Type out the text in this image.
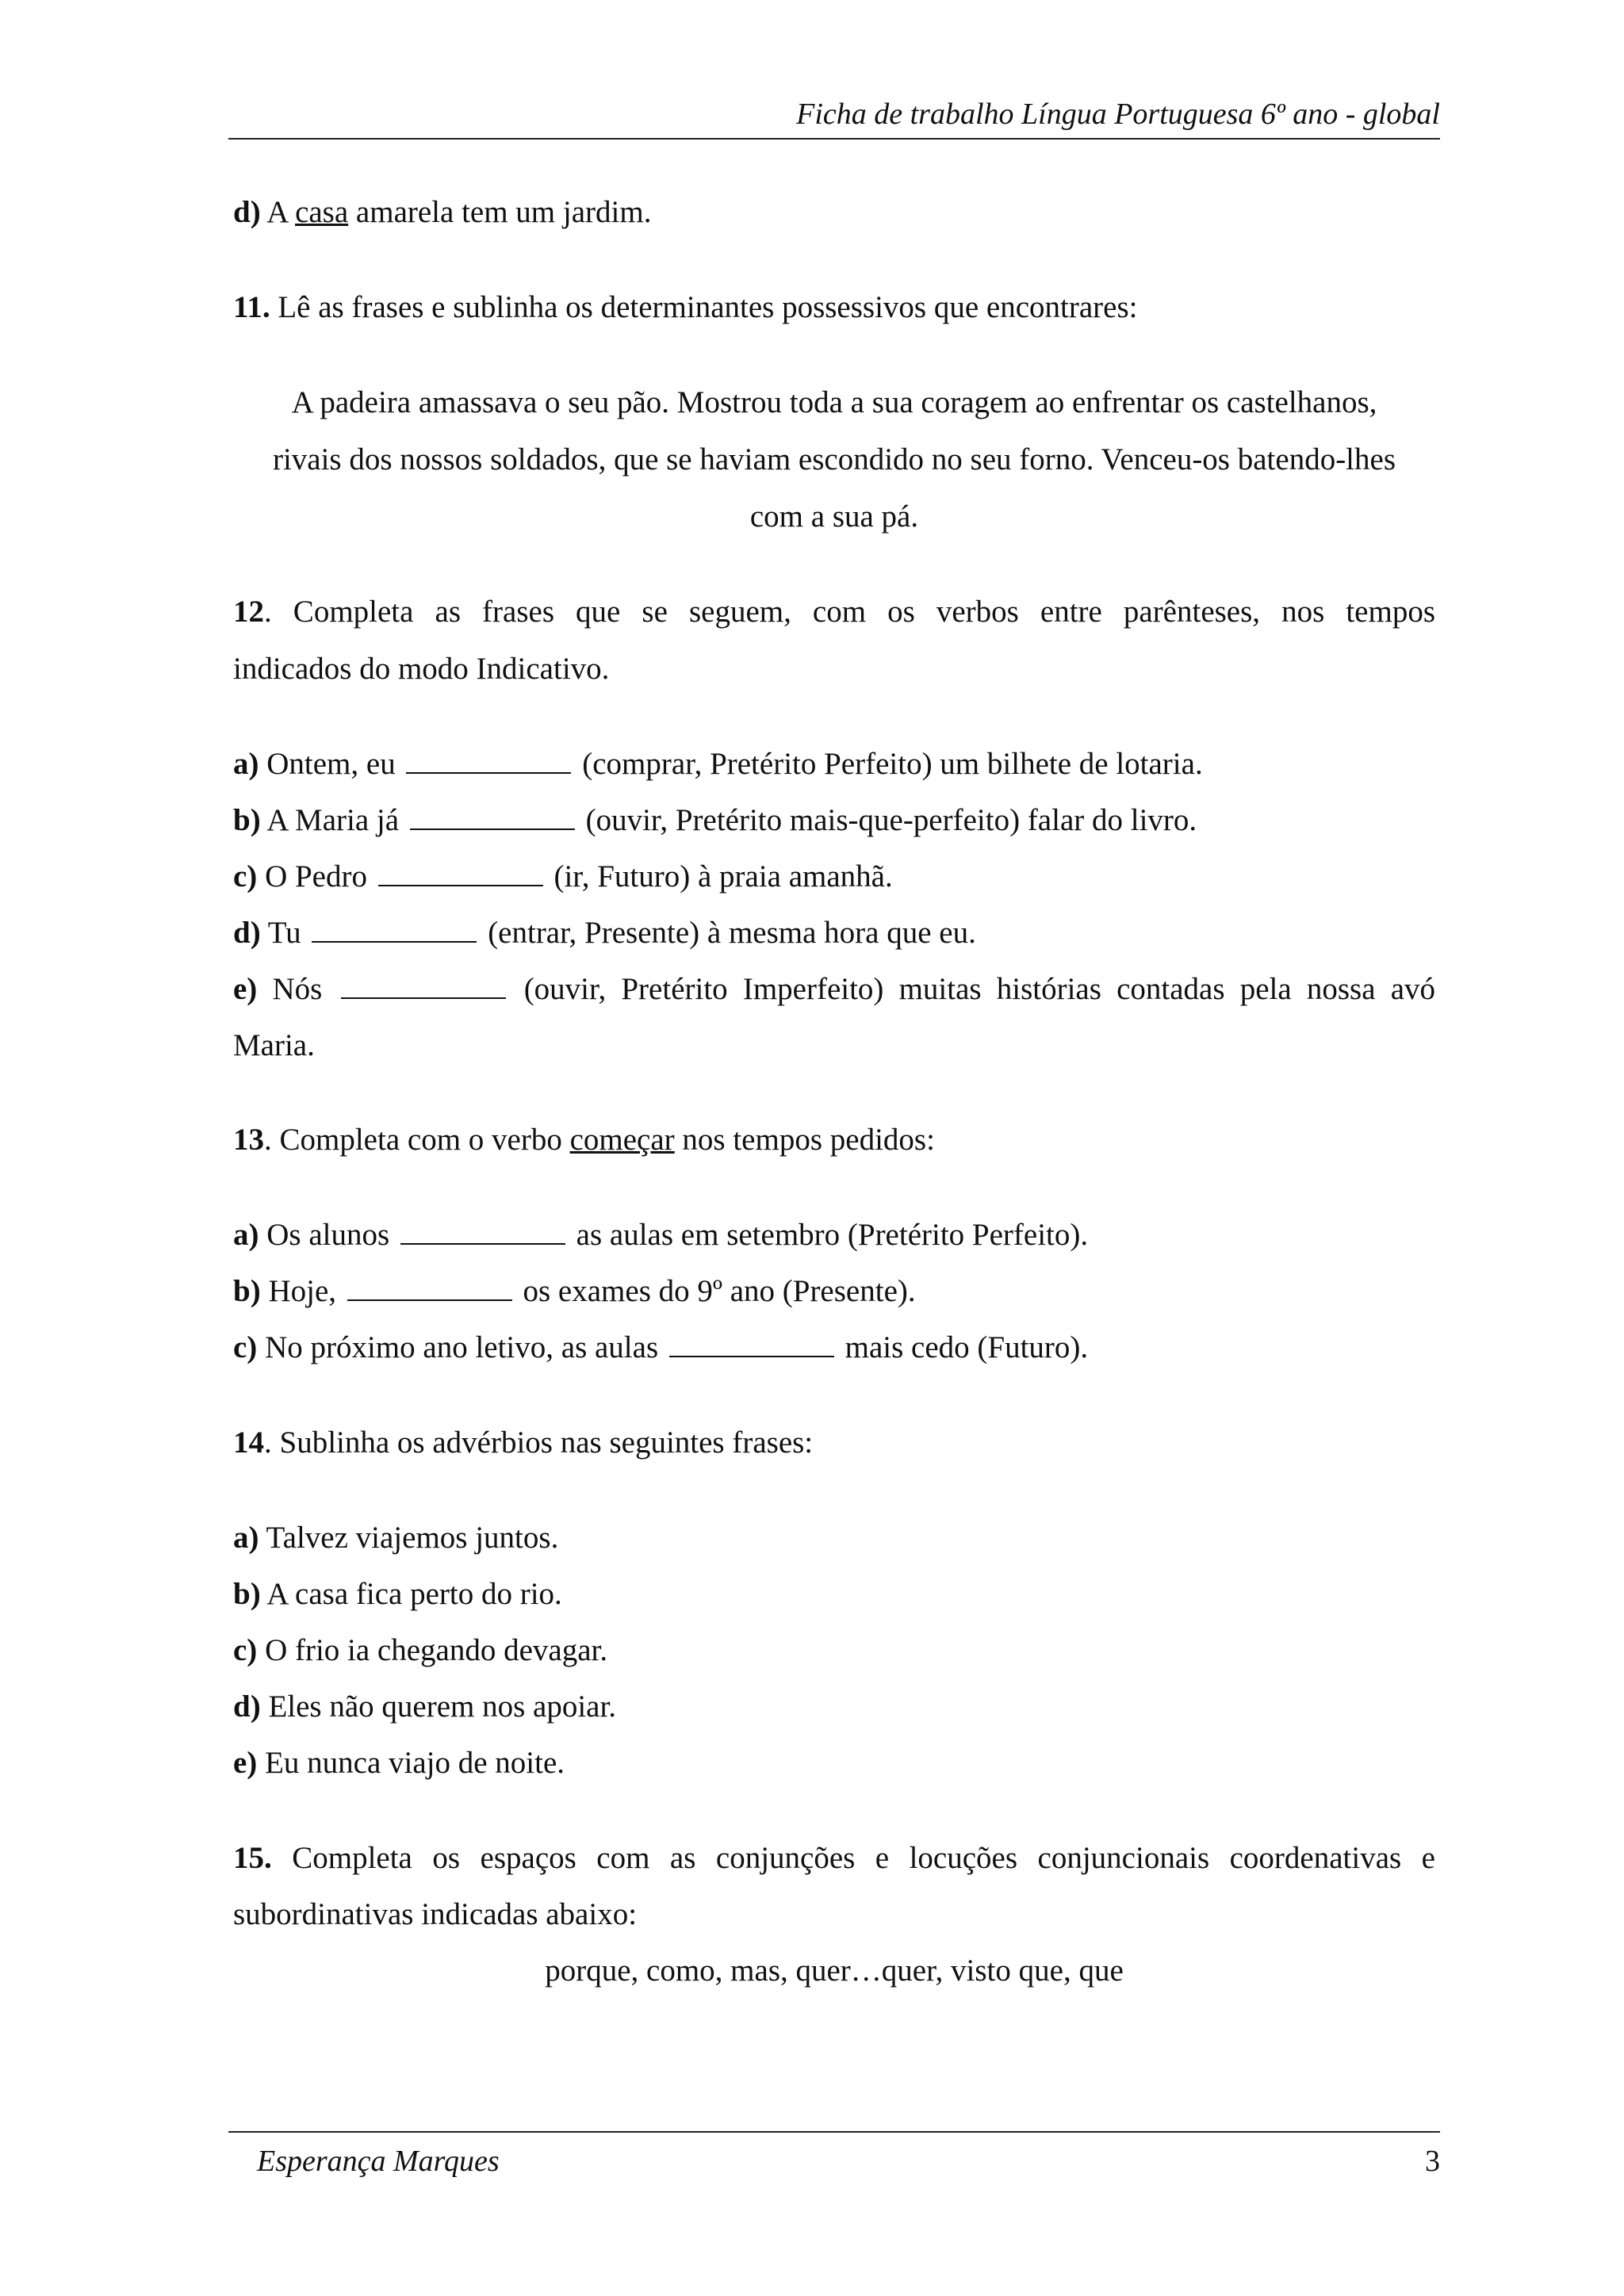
Ficha de trabalho Língua Portuguesa 6º ano - global
d) A casa amarela tem um jardim.
11. Lê as frases e sublinha os determinantes possessivos que encontrares:
A padeira amassava o seu pão. Mostrou toda a sua coragem ao enfrentar os castelhanos,
rivais dos nossos soldados, que se haviam escondido no seu forno. Venceu-os batendo-lhes
com a sua pá.
12. Completa as frases que se seguem, com os verbos entre parênteses, nos tempos
indicados do modo Indicativo.
a) Ontem, eu	(comprar, Pretérito Perfeito) um bilhete de lotaria.
b) A Maria já	(ouvir, Pretérito mais-que-perfeito) falar do livro.
c) O Pedro	(ir, Futuro) à praia amanhã.
d) Tu	(entrar, Presente) à mesma hora que eu.
e) Nós	(ouvir, Pretérito Imperfeito) muitas histórias contadas pela nossa avó
Maria.
13. Completa com o verbo começar nos tempos pedidos:
a) Os alunos	as aulas em setembro (Pretérito Perfeito).
b) Hoje,	os exames do 9º ano (Presente).
c) No próximo ano letivo, as aulas	mais cedo (Futuro).
14. Sublinha os advérbios nas seguintes frases:
a) Talvez viajemos juntos.
b) A casa fica perto do rio.
c) O frio ia chegando devagar.
d) Eles não querem nos apoiar.
e) Eu nunca viajo de noite.
15. Completa os espaços com as conjunções e locuções conjuncionais coordenativas e
subordinativas indicadas abaixo:
porque, como, mas, quer…quer, visto que, que
Esperança Marques	3
